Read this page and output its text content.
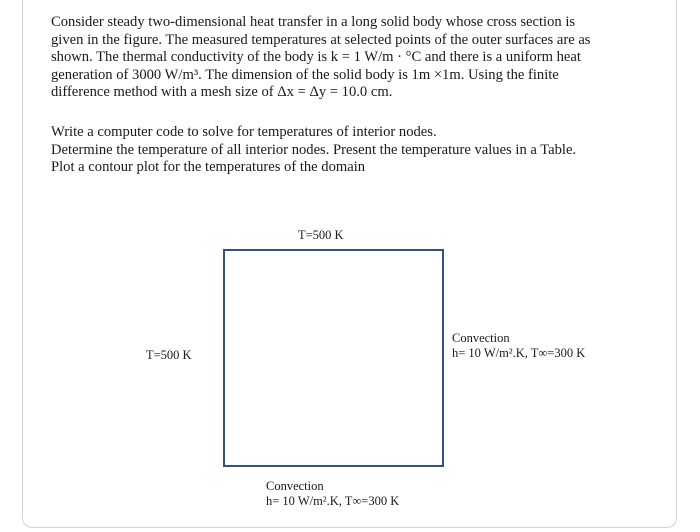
Consider steady two-dimensional heat transfer in a long solid body whose cross section is
given in the figure. The measured temperatures at selected points of the outer surfaces are as
shown. The thermal conductivity of the body is k = 1 W/m · °C and there is a uniform heat
generation of 3000 W/m³. The dimension of the solid body is 1m ×1m. Using the finite
difference method with a mesh size of Δx = Δy = 10.0 cm.
Write a computer code to solve for temperatures of interior nodes.
Determine the temperature of all interior nodes. Present the temperature values in a Table.
Plot a contour plot for the temperatures of the domain
T=500 K
T=500 K
Convection
h= 10 W/m².K, T∞=300 K
Convection
h= 10 W/m².K, T∞=300 K
